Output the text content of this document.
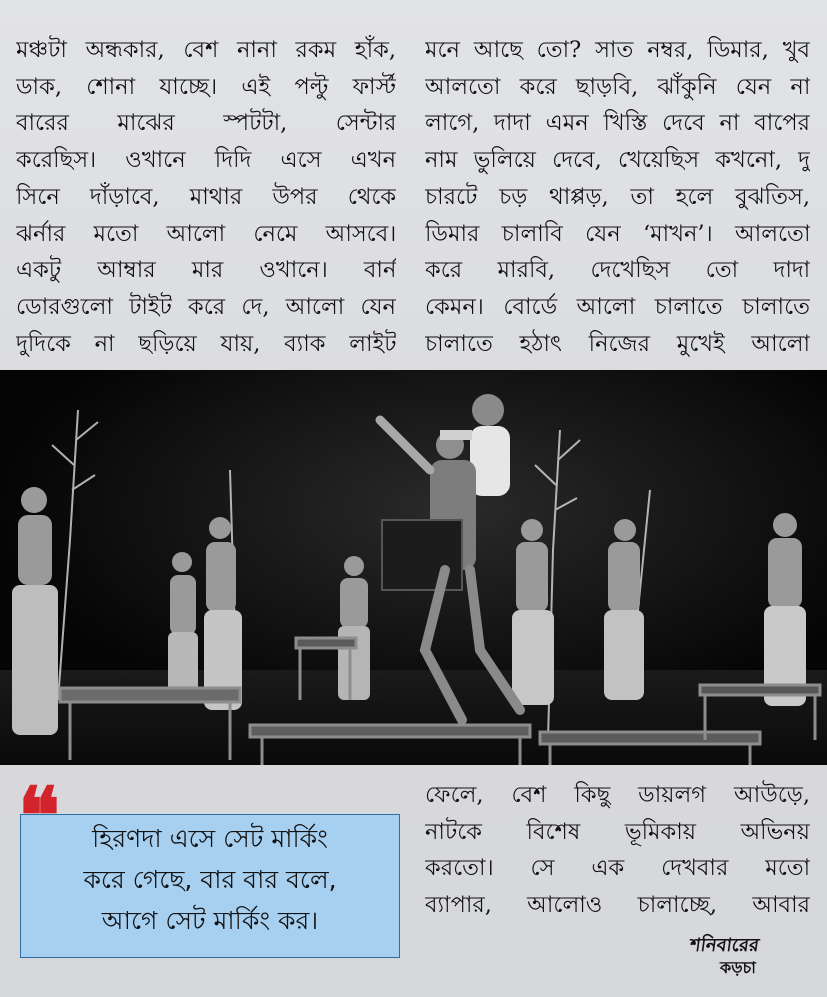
মঞ্চটা অন্ধকার, বেশ নানা রকম হাঁক,
ডাক, শোনা যাচ্ছে। এই পল্টু ফার্স্ট
বারের মাঝের স্পটটা, সেন্টার
করেছিস। ওখানে দিদি এসে এখন
সিনে দাঁড়াবে, মাথার উপর থেকে
ঝর্নার মতো আলো নেমে আসবে।
একটু আম্বার মার ওখানে। বার্ন
ডোরগুলো টাইট করে দে, আলো যেন
দুদিকে না ছড়িয়ে যায়, ব্যাক লাইট
মনে আছে তো? সাত নম্বর, ডিমার, খুব
আলতো করে ছাড়বি, ঝাঁকুনি যেন না
লাগে, দাদা এমন খিস্তি দেবে না বাপের
নাম ভুলিয়ে দেবে, খেয়েছিস কখনো, দু
চারটে চড় থাপ্পড়, তা হলে বুঝতিস,
ডিমার চালাবি যেন ‘মাখন’। আলতো
করে মারবি, দেখেছিস তো দাদা
কেমন। বোর্ডে আলো চালাতে চালাতে
চালাতে হঠাৎ নিজের মুখেই আলো
ফেলে, বেশ কিছু ডায়লগ আউড়ে,
নাটকে বিশেষ ভূমিকায় অভিনয়
করতো। সে এক দেখবার মতো
ব্যাপার, আলোও চালাচ্ছে, আবার
❝	হিরণদা এসে সেট মার্কিং
করে গেছে, বার বার বলে,
আগে সেট মার্কিং কর।
শনিবারের
কড়চা
